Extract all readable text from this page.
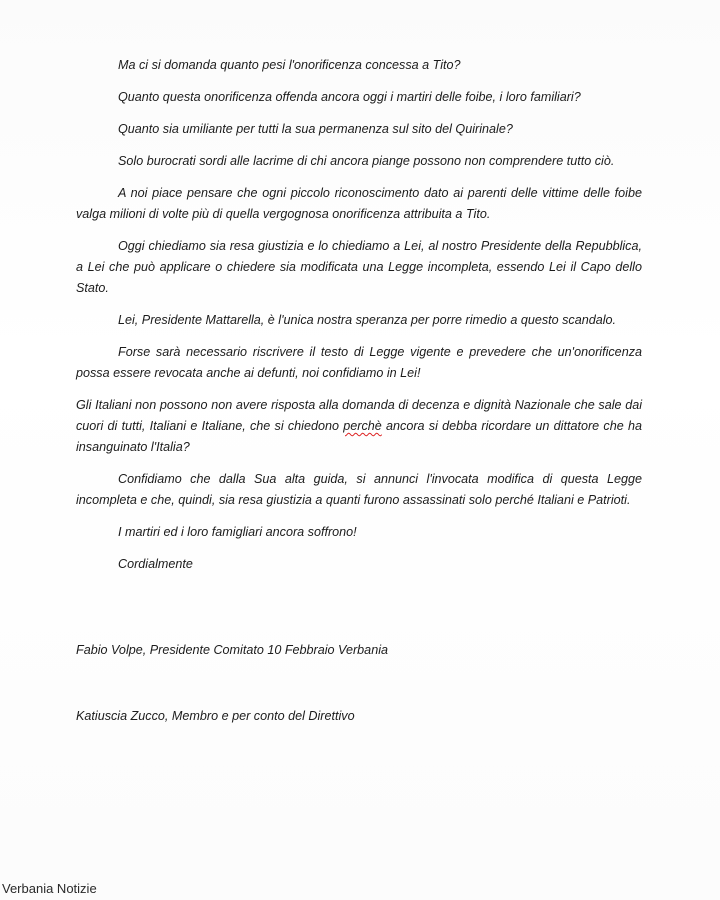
Ma ci si domanda quanto pesi l'onorificenza concessa a Tito?

Quanto questa onorificenza offenda ancora oggi i martiri delle foibe, i loro familiari?

Quanto sia umiliante per tutti la sua permanenza sul sito del Quirinale?

Solo burocrati sordi alle lacrime di chi ancora piange possono non comprendere tutto ciò.

A noi piace pensare che ogni piccolo riconoscimento dato ai parenti delle vittime delle foibe valga milioni di volte più di quella vergognosa onorificenza attribuita a Tito.

Oggi chiediamo sia resa giustizia e lo chiediamo a Lei, al nostro Presidente della Repubblica, a Lei che può applicare o chiedere sia modificata una Legge incompleta, essendo Lei il Capo dello Stato.

Lei, Presidente Mattarella, è l'unica nostra speranza per porre rimedio a questo scandalo.

Forse sarà necessario riscrivere il testo di Legge vigente e prevedere che un'onorificenza possa essere revocata anche ai defunti, noi confidiamo in Lei!

Gli Italiani non possono non avere risposta alla domanda di decenza e dignità Nazionale che sale dai cuori di tutti, Italiani e Italiane, che si chiedono perchè ancora si debba ricordare un dittatore che ha insanguinato l'Italia?

Confidiamo che dalla Sua alta guida, si annunci l'invocata modifica di questa Legge incompleta e che, quindi, sia resa giustizia a quanti furono assassinati solo perché Italiani e Patrioti.

I martiri ed i loro famigliari ancora soffrono!

Cordialmente

Fabio Volpe, Presidente Comitato 10 Febbraio Verbania
Katiuscia Zucco, Membro e per conto del Direttivo
Verbania Notizie
